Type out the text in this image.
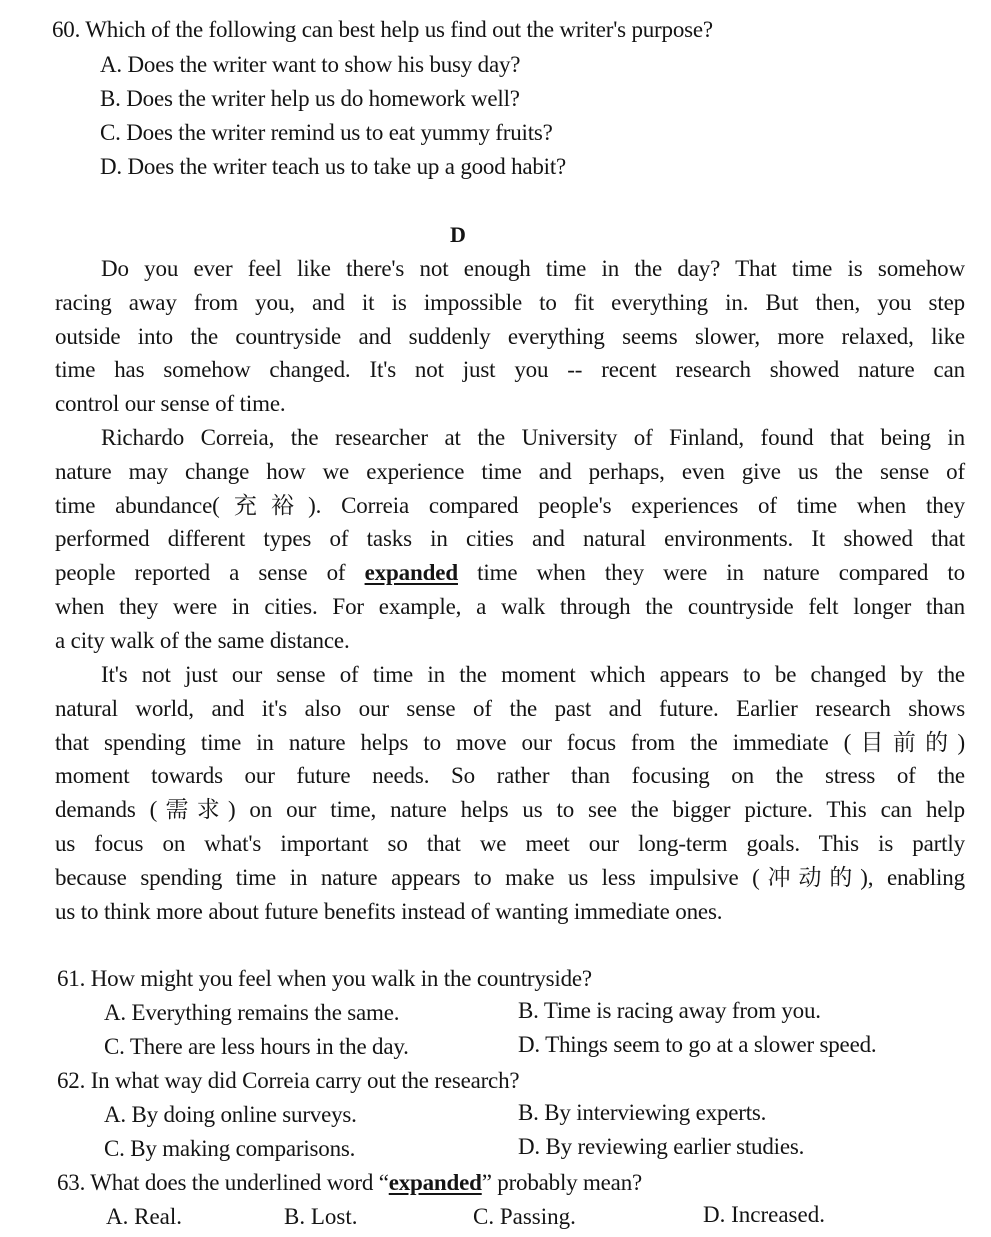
60. Which of the following can best help us find out the writer's purpose?
A. Does the writer want to show his busy day?
B. Does the writer help us do homework well?
C. Does the writer remind us to eat yummy fruits?
D. Does the writer teach us to take up a good habit?
D
Do you ever feel like there's not enough time in the day? That time is somehow
racing away from you, and it is impossible to fit everything in. But then, you step
outside into the countryside and suddenly everything seems slower, more relaxed, like
time has somehow changed. It's not just you -- recent research showed nature can
control our sense of time.
Richardo Correia, the researcher at the University of Finland, found that being in
nature may change how we experience time and perhaps, even give us the sense of
time abundance(充裕). Correia compared people's experiences of time when they
performed different types of tasks in cities and natural environments. It showed that
people reported a sense of expanded time when they were in nature compared to
when they were in cities. For example, a walk through the countryside felt longer than
a city walk of the same distance.
It's not just our sense of time in the moment which appears to be changed by the
natural world, and it's also our sense of the past and future. Earlier research shows
that spending time in nature helps to move our focus from the immediate (目前的)
moment towards our future needs. So rather than focusing on the stress of the
demands (需求) on our time, nature helps us to see the bigger picture. This can help
us focus on what's important so that we meet our long-term goals. This is partly
because spending time in nature appears to make us less impulsive (冲动的), enabling
us to think more about future benefits instead of wanting immediate ones.
61. How might you feel when you walk in the countryside?
A. Everything remains the same.	B. Time is racing away from you.
C. There are less hours in the day.	D. Things seem to go at a slower speed.
62. In what way did Correia carry out the research?
A. By doing online surveys.	B. By interviewing experts.
C. By making comparisons.	D. By reviewing earlier studies.
63. What does the underlined word “expanded” probably mean?
A. Real.	B. Lost.	C. Passing.	D. Increased.
